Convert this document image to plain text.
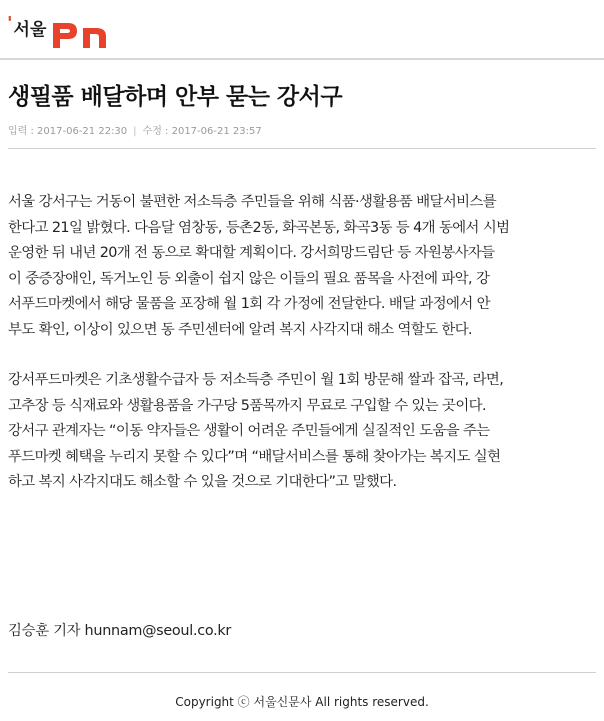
' 서울
생필품 배달하며 안부 묻는 강서구
입력 : 2017-06-21 22:30 | 수정 : 2017-06-21 23:57

서울 강서구는 거동이 불편한 저소득층 주민들을 위해 식품·생활용품 배달서비스를
한다고 21일 밝혔다. 다음달 염창동, 등촌2동, 화곡본동, 화곡3동 등 4개 동에서 시범
운영한 뒤 내년 20개 전 동으로 확대할 계획이다. 강서희망드림단 등 자원봉사자들
이 중증장애인, 독거노인 등 외출이 쉽지 않은 이들의 필요 품목을 사전에 파악, 강
서푸드마켓에서 해당 물품을 포장해 월 1회 각 가정에 전달한다. 배달 과정에서 안
부도 확인, 이상이 있으면 동 주민센터에 알려 복지 사각지대 해소 역할도 한다.

강서푸드마켓은 기초생활수급자 등 저소득층 주민이 월 1회 방문해 쌀과 잡곡, 라면,
고추장 등 식재료와 생활용품을 가구당 5품목까지 무료로 구입할 수 있는 곳이다.
강서구 관계자는 “이동 약자들은 생활이 어려운 주민들에게 실질적인 도움을 주는
푸드마켓 혜택을 누리지 못할 수 있다”며 “배달서비스를 통해 찾아가는 복지도 실현
하고 복지 사각지대도 해소할 수 있을 것으로 기대한다”고 말했다.

김승훈 기자 hunnam@seoul.co.kr
Copyright ⓒ 서울신문사 All rights reserved.
